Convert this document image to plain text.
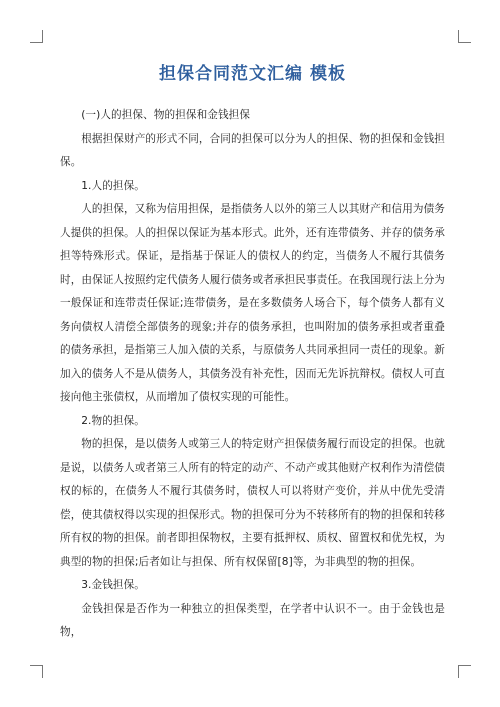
担保合同范文汇编 模板

(一)人的担保、物的担保和金钱担保

根据担保财产的形式不同，合同的担保可以分为人的担保、物的担保和金钱担保。

1.人的担保。

人的担保，又称为信用担保，是指债务人以外的第三人以其财产和信用为债务人提供的担保。人的担保以保证为基本形式。此外，还有连带债务、并存的债务承担等特殊形式。保证，是指基于保证人的债权人的约定，当债务人不履行其债务时，由保证人按照约定代债务人履行债务或者承担民事责任。在我国现行法上分为一般保证和连带责任保证;连带债务，是在多数债务人场合下，每个债务人都有义务向债权人清偿全部债务的现象;并存的债务承担，也叫附加的债务承担或者重叠的债务承担，是指第三人加入债的关系，与原债务人共同承担同一责任的现象。新加入的债务人不是从债务人，其债务没有补充性，因而无先诉抗辩权。债权人可直接向他主张债权，从而增加了债权实现的可能性。

2.物的担保。

物的担保，是以债务人或第三人的特定财产担保债务履行而设定的担保。也就是说，以债务人或者第三人所有的特定的动产、不动产或其他财产权利作为清偿债权的标的，在债务人不履行其债务时，债权人可以将财产变价，并从中优先受清偿，使其债权得以实现的担保形式。物的担保可分为不转移所有的物的担保和转移所有权的物的担保。前者即担保物权，主要有抵押权、质权、留置权和优先权，为典型的物的担保;后者如让与担保、所有权保留[8]等，为非典型的物的担保。

3.金钱担保。

金钱担保是否作为一种独立的担保类型，在学者中认识不一。由于金钱也是物，
